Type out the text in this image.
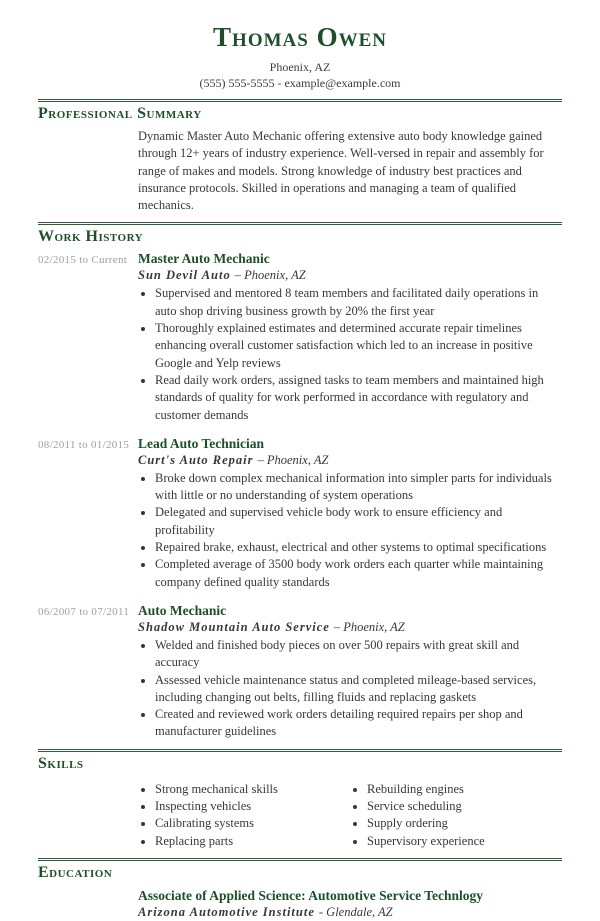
Thomas Owen
Phoenix, AZ
(555) 555-5555 - example@example.com
Professional Summary
Dynamic Master Auto Mechanic offering extensive auto body knowledge gained through 12+ years of industry experience. Well-versed in repair and assembly for range of makes and models. Strong knowledge of industry best practices and insurance protocols. Skilled in operations and managing a team of qualified mechanics.
Work History
02/2015 to Current Master Auto Mechanic
Sun Devil Auto – Phoenix, AZ
• Supervised and mentored 8 team members and facilitated daily operations in auto shop driving business growth by 20% the first year
• Thoroughly explained estimates and determined accurate repair timelines enhancing overall customer satisfaction which led to an increase in positive Google and Yelp reviews
• Read daily work orders, assigned tasks to team members and maintained high standards of quality for work performed in accordance with regulatory and customer demands
08/2011 to 01/2015 Lead Auto Technician
Curt's Auto Repair – Phoenix, AZ
• Broke down complex mechanical information into simpler parts for individuals with little or no understanding of system operations
• Delegated and supervised vehicle body work to ensure efficiency and profitability
• Repaired brake, exhaust, electrical and other systems to optimal specifications
• Completed average of 3500 body work orders each quarter while maintaining company defined quality standards
06/2007 to 07/2011 Auto Mechanic
Shadow Mountain Auto Service – Phoenix, AZ
• Welded and finished body pieces on over 500 repairs with great skill and accuracy
• Assessed vehicle maintenance status and completed mileage-based services, including changing out belts, filling fluids and replacing gaskets
• Created and reviewed work orders detailing required repairs per shop and manufacturer guidelines
Skills
• Strong mechanical skills
• Inspecting vehicles
• Calibrating systems
• Replacing parts
• Rebuilding engines
• Service scheduling
• Supply ordering
• Supervisory experience
Education
Associate of Applied Science: Automotive Service Technlogy
Arizona Automotive Institute - Glendale, AZ
